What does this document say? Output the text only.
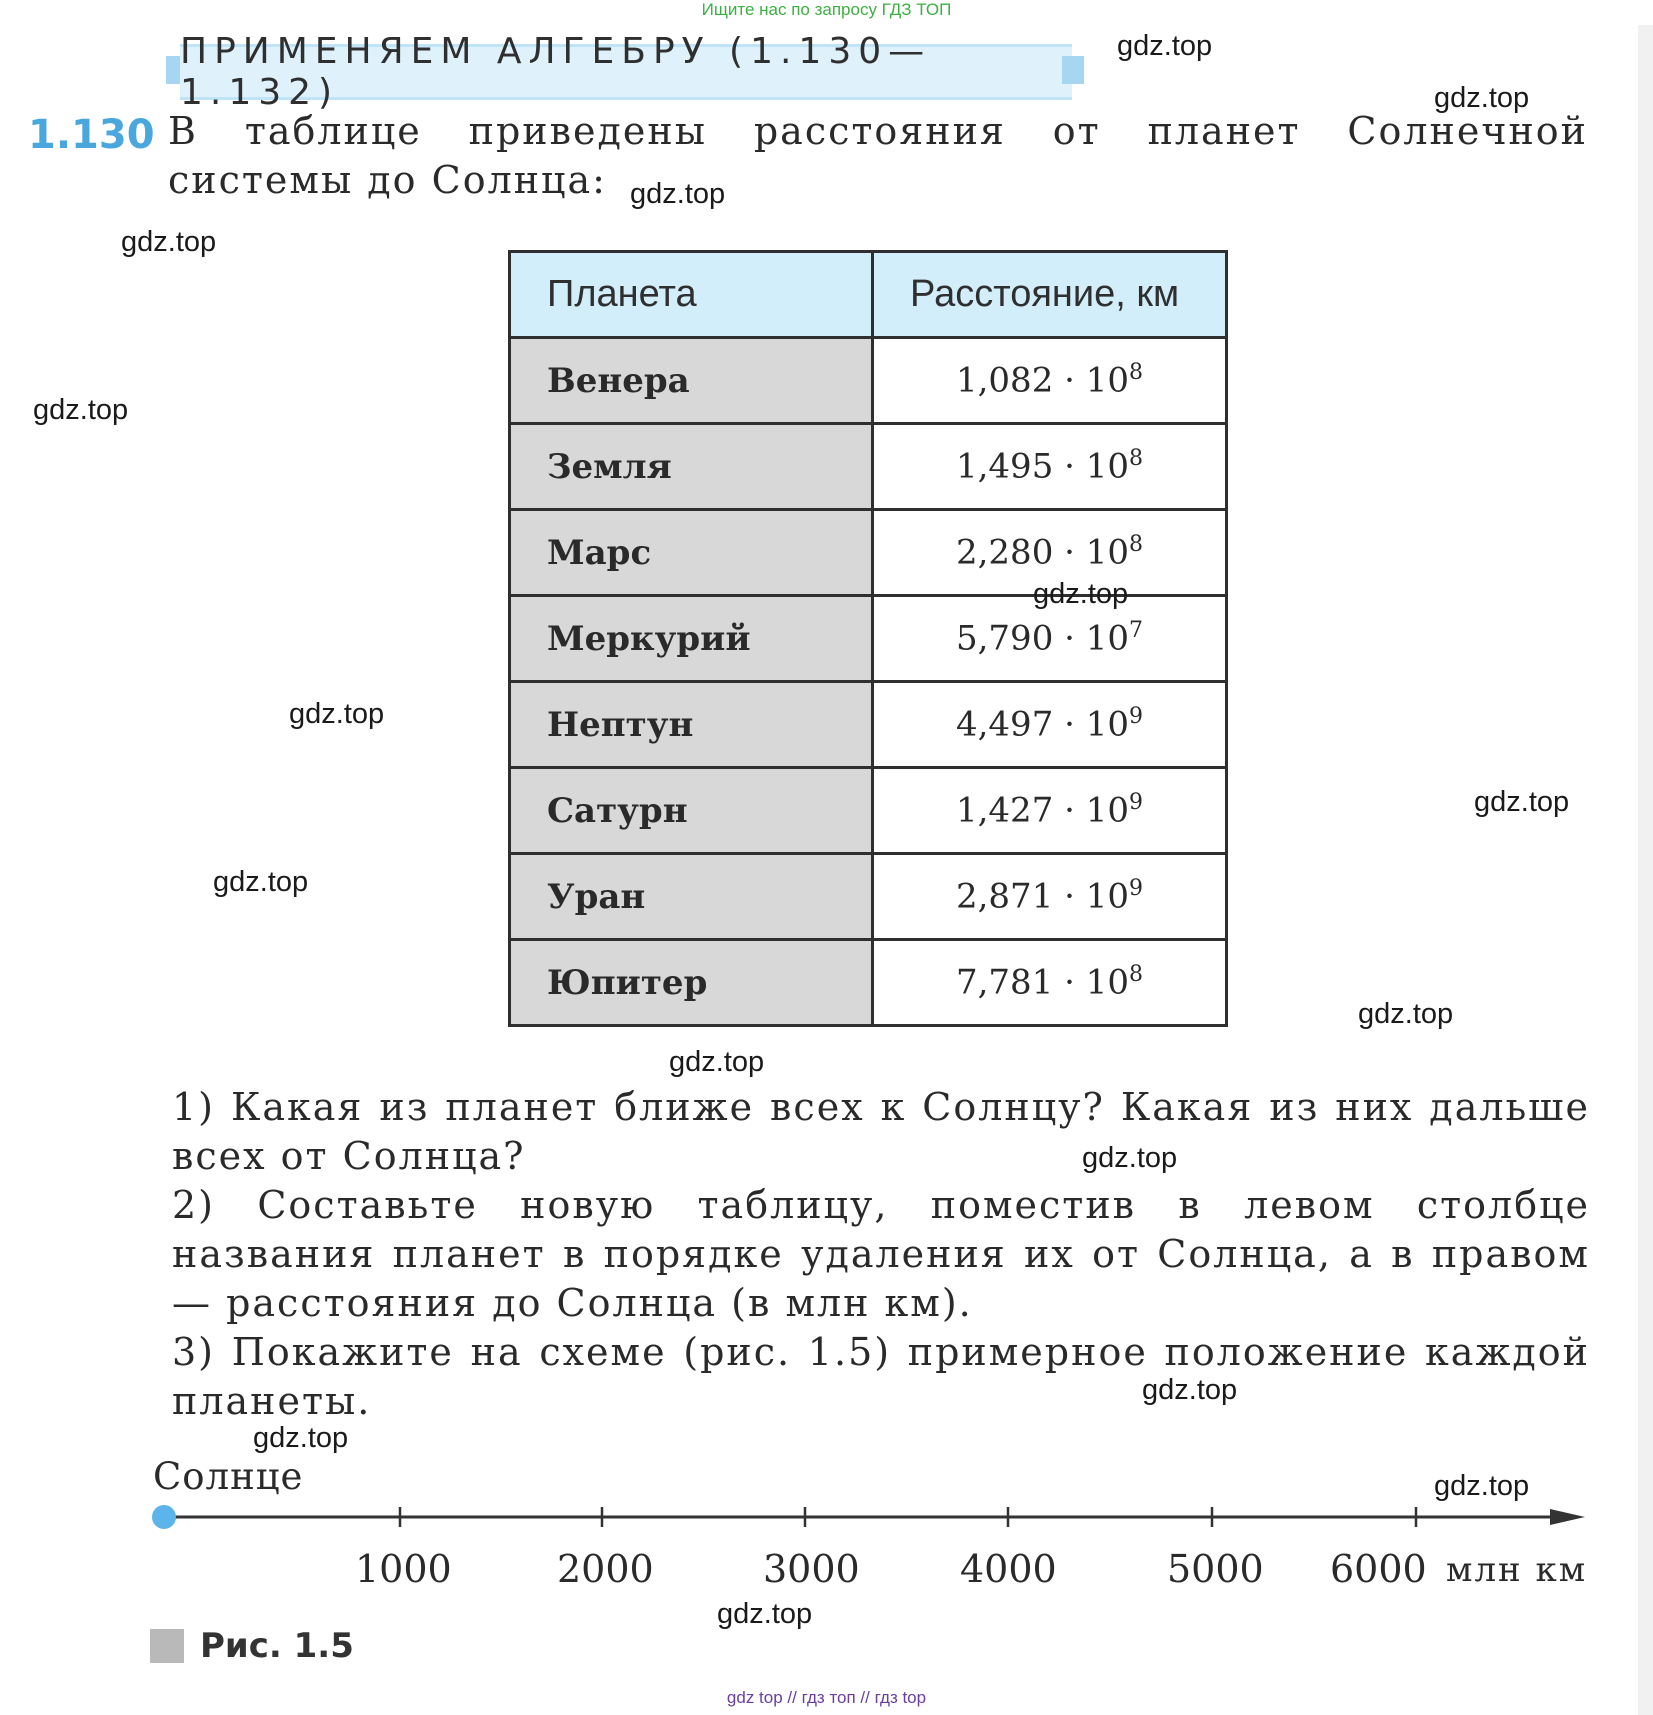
Ищите нас по запросу ГДЗ ТОП
ПРИМЕНЯЕМ АЛГЕБРУ (1.130—1.132)
1.130 В таблице приведены расстояния от планет Солнечной системы до Солнца:
Планета	Расстояние, км
Венера	$1,082 \cdot 10^8$
Земля	$1,495 \cdot 10^8$
Марс	$2,280 \cdot 10^8$
Меркурий	$5,790 \cdot 10^7$
Нептун	$4,497 \cdot 10^9$
Сатурн	$1,427 \cdot 10^9$
Уран	$2,871 \cdot 10^9$
Юпитер	$7,781 \cdot 10^8$

1) Какая из планет ближе всех к Солнцу? Какая из них дальше всех от Солнца?

2) Составьте новую таблицу, поместив в левом столбце названия планет в порядке удаления их от Солнца, а в правом — расстояния до Солнца (в млн км).

3) Покажите на схеме (рис. 1.5) примерное положение каждой планеты.

Солнце
1000	2000	3000	4000	5000 6000 млн км
Рис. 1.5
gdz.top
gdz.top
gdz.top
gdz.top
gdz.top
gdz.top
gdz.top
gdz.top
gdz.top
gdz.top
gdz.top
gdz.top
gdz.top
gdz.top
gdz.top
gdz.top
gdz top // гдз топ // гдз top
